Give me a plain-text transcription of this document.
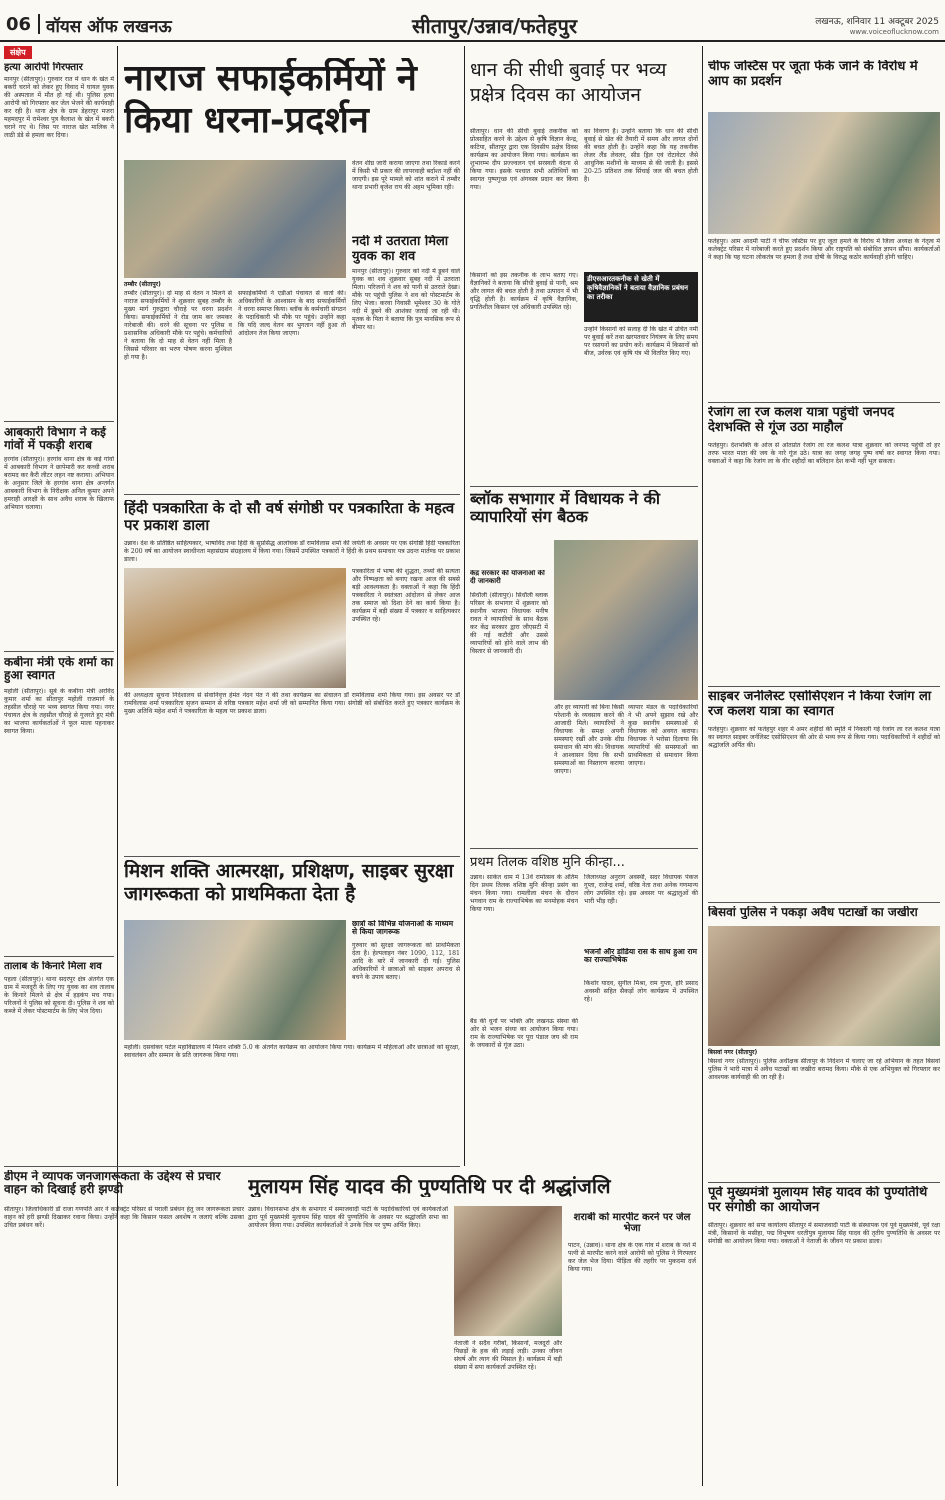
06 वॉयस ऑफ लखनऊ	सीतापुर/उन्नाव/फतेहपुर	लखनऊ, शनिवार 11 अक्टूबर 2025
www.voiceoflucknow.com
संक्षेप
हत्या आरोपी गिरफ्तार
मानपुर (सीतापुर)। गुरुवार रात में धान के खेत में बकरी चराने को लेकर हुए विवाद में घायल युवक की अस्पताल में मौत हो गई थी। पुलिस हत्या आरोपी को गिरफ्तार कर जेल भेजने की कार्यवाही कर रही है। थाना क्षेत्र के ग्राम डेहरापुर मजरा महमदपुर में रामेश्वर पुत्र कैलाश के खेत में बकरी चराने गए थे। जिस पर नाराज खेत मालिक ने लाठी डंडे से हमला कर दिया।
आबकारी विभाग ने कई गांवों में पकड़ी शराब
हरगांव (सीतापुर)। हरगांव थाना क्षेत्र के कई गांवों में आबकारी विभाग ने छापेमारी कर कच्ची शराब बरामद कर कैरी लीटर लहन नष्ट कराया। अभियान के अनुसार जिले के हरगांव थाना क्षेत्र अन्तर्गत आबकारी विभाग के निरीक्षक अनिल कुमार अपने हमराही आरक्षी के साथ अवैध शराब के खिलाफ अभियान चलाया।
कबीना मंत्री एके शर्मा का हुआ स्वागत
महोली (सीतापुर)। सूबे के कबीना मंत्री अरविंद कुमार शर्मा का सीतापुर महोली राजमार्ग के तहसील चौराहे पर भव्य स्वागत किया गया। नगर पंचायत क्षेत्र के तहसील चौराहे से गुजरते हुए मंत्री का भाजपा कार्यकर्ताओं ने फूल माला पहनाकर स्वागत किया।
तालाब के किनारे मिला शव
पहला (सीतापुर)। थाना सदरपुर क्षेत्र अंतर्गत एक ग्राम में मजदूरी के लिए गए युवक का शव तालाब के किनारे मिलने से क्षेत्र में हड़कंप मच गया। परिजनों ने पुलिस को सूचना दी। पुलिस ने शव को कब्जे में लेकर पोस्टमार्टम के लिए भेज दिया।
नाराज सफाईकर्मियों ने किया धरना-प्रदर्शन
तम्बौर (सीतापुर)
तम्बौर (सीतापुर)। दो माह से वेतन न मिलने से नाराज सफाईकर्मियों ने शुक्रवार सुबह तम्बौर के मुख्य मार्ग गुरुद्वारा चौराहे पर धरना प्रदर्शन किया। सफाईकर्मियों ने रोड जाम कर जमकर नारेबाजी की। धरने की सूचना पर पुलिस व प्रशासनिक अधिकारी मौके पर पहुंचे। कर्मचारियों ने बताया कि दो माह से वेतन नहीं मिला है जिससे परिवार का भरण पोषण करना मुश्किल हो गया है।
सफाईकर्मियों ने एडीओ पंचायत से वार्ता की। अधिकारियों के आश्वासन के बाद सफाईकर्मियों ने धरना समाप्त किया। ब्लॉक के कर्मचारी संगठन के पदाधिकारी भी मौके पर पहुंचे। उन्होंने कहा कि यदि जल्द वेतन का भुगतान नहीं हुआ तो आंदोलन तेज किया जाएगा।
वेतन शीघ्र जारी कराया जाएगा तथा रिकार्ड करने में किसी भी प्रकार की लापरवाही बर्दाश्त नहीं की जाएगी। इस पूरे मामले को शांत कराने में तम्बौर थाना प्रभारी बृजेश राय की अहम भूमिका रही।
नदी में उतराता मिला युवक का शव
मानपुर (सीतापुर)। गुरुवार को नदी में डूबने वाले युवक का शव शुक्रवार सुबह नदी में उतराता मिला। परिजनों ने शव को पानी से उतराते देखा। मौके पर पहुंची पुलिस ने शव को पोस्टमार्टम के लिए भेजा। करवा निवासी भूमेश्वर 30 के गोते नदी में डूबने की आशंका जताई जा रही थी। मृतक के पिता ने बताया कि पुत्र मानसिक रूप से बीमार था।
हिंदी पत्रकारिता के दो सौ वर्ष संगोष्ठी पर पत्रकारिता के महत्व पर प्रकाश डाला
उन्नाव। देश के प्रतिष्ठित साहित्यकार, भाषाविद तथा हिंदी के सुप्रसिद्ध आलोचक डॉ रामविलास शर्मा की जयंती के अवसर पर एक संगोष्ठी हिंदी पत्रकारिता के 200 वर्ष का आयोजन स्वाधीनता महासंग्राम संग्रहालय में किया गया। जिसमें उपस्थित पत्रकारों ने हिंदी के प्रथम समाचार पत्र उदन्त मार्तण्ड पर प्रकाश डाला।
पत्रकारिता में भाषा की शुद्धता, तथ्यों की सत्यता और निष्पक्षता को बनाए रखना आज की सबसे बड़ी आवश्यकता है। वक्ताओं ने कहा कि हिंदी पत्रकारिता ने स्वतंत्रता आंदोलन से लेकर आज तक समाज को दिशा देने का कार्य किया है। कार्यक्रम में बड़ी संख्या में पत्रकार व साहित्यकार उपस्थित रहे।
की अध्यक्षता सूचना निदेशालय से सेवानिवृत्त हेमंत नंदन पंत ने की तथा कार्यक्रम का संचालन डॉ रामविलास शर्मा किया गया। इस अवसर पर डॉ रामविलास शर्मा पत्रकारिता सृजन सम्मान से वरिष्ठ पत्रकार महेश शर्मा जी को सम्मानित किया गया। संगोष्ठी को संबोधित करते हुए पत्रकार कार्यक्रम के मुख्य अतिथि महेश शर्मा ने पत्रकारिता के महत्व पर प्रकाश डाला।
मिशन शक्ति आत्मरक्षा, प्रशिक्षण, साइबर सुरक्षा जागरूकता को प्राथमिकता देता है
छात्रों को विभिन्न योजनाओं के माध्यम से किया जागरूक
गुरुवार को सुरक्षा जागरूकता को प्राथमिकता देता है। हेल्पलाइन नंबर 1090, 112, 181 आदि के बारे में जानकारी दी गई। पुलिस अधिकारियों ने छात्राओं को साइबर अपराध से बचने के उपाय बताए।
महोली। दसवांकर पटेल महाविद्यालय में मिशन शक्ति 5.0 के अंतर्गत कार्यक्रम का आयोजन किया गया। कार्यक्रम में महिलाओं और छात्राओं को सुरक्षा, स्वावलंबन और सम्मान के प्रति जागरूक किया गया।
डीएम ने व्यापक जनजागरूकता के उद्देश्य से प्रचार वाहन को दिखाई हरी झण्डी
सीतापुर। जिलाधिकारी डॉ राजा गणपति आर ने कलेक्ट्रेट परिसर से पराली प्रबंधन हेतु जन जागरूकता प्रचार वाहन को हरी झण्डी दिखाकर रवाना किया। उन्होंने कहा कि किसान फसल अवशेष न जलाएं बल्कि उसका उचित प्रबंधन करें।
मुलायम सिंह यादव की पुण्यतिथि पर दी श्रद्धांजलि
उन्नाव। विधानसभा क्षेत्र के सभागार में समाजवादी पार्टी के पदाधिकारियों एवं कार्यकर्ताओं द्वारा पूर्व मुख्यमंत्री मुलायम सिंह यादव की पुण्यतिथि के अवसर पर श्रद्धांजलि सभा का आयोजन किया गया। उपस्थित कार्यकर्ताओं ने उनके चित्र पर पुष्प अर्पित किए।
नेताजी ने सदैव गरीबों, किसानों, मजदूरों और पिछड़ों के हक की लड़ाई लड़ी। उनका जीवन संघर्ष और त्याग की मिसाल है। कार्यक्रम में बड़ी संख्या में सपा कार्यकर्ता उपस्थित रहे।
शराबी को मारपीट करने पर जेल भेजा
पाटन, (उन्नाव)। थाना क्षेत्र के एक गांव में शराब के नशे में पत्नी से मारपीट करने वाले आरोपी को पुलिस ने गिरफ्तार कर जेल भेज दिया। पीड़िता की तहरीर पर मुकदमा दर्ज किया गया।
धान की सीधी बुवाई पर भव्य प्रक्षेत्र दिवस का आयोजन
सीतापुर। धान की सीधी बुवाई तकनीक को प्रोत्साहित करने के उद्देश्य से कृषि विज्ञान केन्द्र, कटिया, सीतापुर द्वारा एक दिवसीय प्रक्षेत्र दिवस कार्यक्रम का आयोजन किया गया। कार्यक्रम का शुभारम्भ दीप प्रज्ज्वलन एवं सरस्वती वंदना से किया गया। इसके पश्चात सभी अतिथियों का स्वागत पुष्पगुच्छ एवं अंगवस्त्र प्रदान कर किया गया।
का विवरण है। उन्होंने बताया कि धान की सीधी बुवाई से खेत की तैयारी में समय और लागत दोनों की बचत होती है। उन्होंने कहा कि यह तकनीक लेजर लैंड लेवलर, सीड ड्रिल एवं रोटावेटर जैसे आधुनिक मशीनों के माध्यम से की जाती है। इससे 20-25 प्रतिशत तक सिंचाई जल की बचत होती है।
किसानों को इस तकनीक के लाभ बताए गए। वैज्ञानिकों ने बताया कि सीधी बुवाई से पानी, श्रम और लागत की बचत होती है तथा उत्पादन में भी वृद्धि होती है। कार्यक्रम में कृषि वैज्ञानिक, प्रगतिशील किसान एवं अधिकारी उपस्थित रहे।
डीएसआरतकनीक से खेती में कृषिवैज्ञानिकों ने बताया वैज्ञानिक प्रबंधन का तरीका
उन्होंने किसानों को सलाह दी कि खेत में उचित नमी पर बुवाई करें तथा खरपतवार नियंत्रण के लिए समय पर रसायनों का प्रयोग करें। कार्यक्रम में किसानों को बीज, उर्वरक एवं कृषि यंत्र भी वितरित किए गए।
ब्लॉक सभागार में विधायक ने की व्यापारियों संग बैठक
केंद्र सरकार की योजनाओं की दी जानकारी
सिधौली (सीतापुर)। सिधौली ब्लाक परिसर के सभागार में शुक्रवार को स्थानीय भाजपा विधायक मनीष रावत ने व्यापारियों के साथ बैठक कर केंद्र सरकार द्वारा जीएसटी में की गई कटौती और उससे व्यापारियों को होने वाले लाभ की विस्तार से जानकारी दी।
और हर व्यापारी को बिना किसी परेशानी के व्यवसाय करने की आजादी मिले। व्यापारियों ने विधायक के समक्ष अपनी समस्याएं रखीं और उनके शीघ्र समाधान की मांग की। विधायक ने आश्वासन दिया कि सभी समस्याओं का निस्तारण कराया जाएगा।
व्यापार मंडल के पदाधिकारियों ने भी अपने सुझाव रखे और कुछ स्थानीय समस्याओं से विधायक को अवगत कराया। विधायक ने भरोसा दिलाया कि व्यापारियों की समस्याओं का प्राथमिकता से समाधान किया जाएगा।
प्रथम तिलक वशिष्ठ मुनि कीन्हा...
उन्नाव। साकेत धाम में 13वें रामोत्सव के अंतिम दिन प्रथम तिलक वशिष्ठ मुनि कीन्हा प्रसंग का मंचन किया गया। रामलीला मंचन के दौरान भगवान राम के राज्याभिषेक का मनमोहक मंचन किया गया।
जिलाध्यक्ष अनुराग अवस्थी, सदर विधायक पंकज गुप्ता, राजेन्द्र शर्मा, वरिष्ठ नेता तथा अनेक गणमान्य लोग उपस्थित रहे। इस अवसर पर श्रद्धालुओं की भारी भीड़ रही।
भजनों और डांडिया रास के साथ हुआ राम का राज्याभिषेक
बैंड की धुनों पर भक्ति और लखनऊ संस्था की ओर से भजन संध्या का आयोजन किया गया। राम के राज्याभिषेक पर पूरा पंडाल जय श्री राम के जयकारों से गूंज उठा।
किशोर यादव, सुनील मिश्रा, राम गुप्ता, हरि प्रसाद अवस्थी सहित सैकड़ों लोग कार्यक्रम में उपस्थित रहे।
चीफ जस्टिस पर जूता फेंके जाने के विरोध में आप का प्रदर्शन
फतेहपुर। आम आदमी पार्टी ने चीफ जस्टिस पर हुए जूता हमले के विरोध में जिला अध्यक्ष के नेतृत्व में कलेक्ट्रेट परिसर में नारेबाजी करते हुए प्रदर्शन किया और राष्ट्रपति को संबोधित ज्ञापन सौंपा। कार्यकर्ताओं ने कहा कि यह घटना लोकतंत्र पर हमला है तथा दोषी के विरुद्ध कठोर कार्यवाही होनी चाहिए।
रेजांग ला रज कलश यात्रा पहुंची जनपद देशभक्ति से गूंज उठा माहौल
फतेहपुर। देशभक्ति के ओज से ओतप्रोत रेजांग ला रज कलश यात्रा शुक्रवार को जनपद पहुंची तो हर तरफ भारत माता की जय के नारे गूंज उठे। यात्रा का जगह जगह पुष्प वर्षा कर स्वागत किया गया। वक्ताओं ने कहा कि रेजांग ला के वीर शहीदों का बलिदान देश कभी नहीं भूल सकता।
साइबर जर्नलिस्ट एसोसिएशन ने किया रेजांग ला रज कलश यात्रा का स्वागत
फतेहपुर। शुक्रवार को फतेहपुर शहर में अमर शहीदों की स्मृति में निकाली गई रेजांग ला रज कलश यात्रा का स्वागत साइबर जर्नलिस्ट एसोसिएशन की ओर से भव्य रूप से किया गया। पदाधिकारियों ने शहीदों को श्रद्धांजलि अर्पित की।
बिसवां पुलिस ने पकड़ा अवैध पटाखों का जखीरा
बिसवां नगर (सीतापुर)
बिसवां नगर (सीतापुर)। पुलिस अधीक्षक सीतापुर के निर्देशन में चलाए जा रहे अभियान के तहत बिसवां पुलिस ने भारी मात्रा में अवैध पटाखों का जखीरा बरामद किया। मौके से एक अभियुक्त को गिरफ्तार कर आवश्यक कार्यवाही की जा रही है।
पूर्व मुख्यमंत्री मुलायम सिंह यादव की पुण्यतिथि पर संगोष्ठी का आयोजन
सीतापुर। शुक्रवार को सपा कार्यालय सीतापुर में समाजवादी पार्टी के संस्थापक एवं पूर्व मुख्यमंत्री, पूर्व रक्षा मंत्री, किसानों के मसीहा, पद्म विभूषण धरतीपुत्र मुलायम सिंह यादव की तृतीय पुण्यतिथि के अवसर पर संगोष्ठी का आयोजन किया गया। वक्ताओं ने नेताजी के जीवन पर प्रकाश डाला।
